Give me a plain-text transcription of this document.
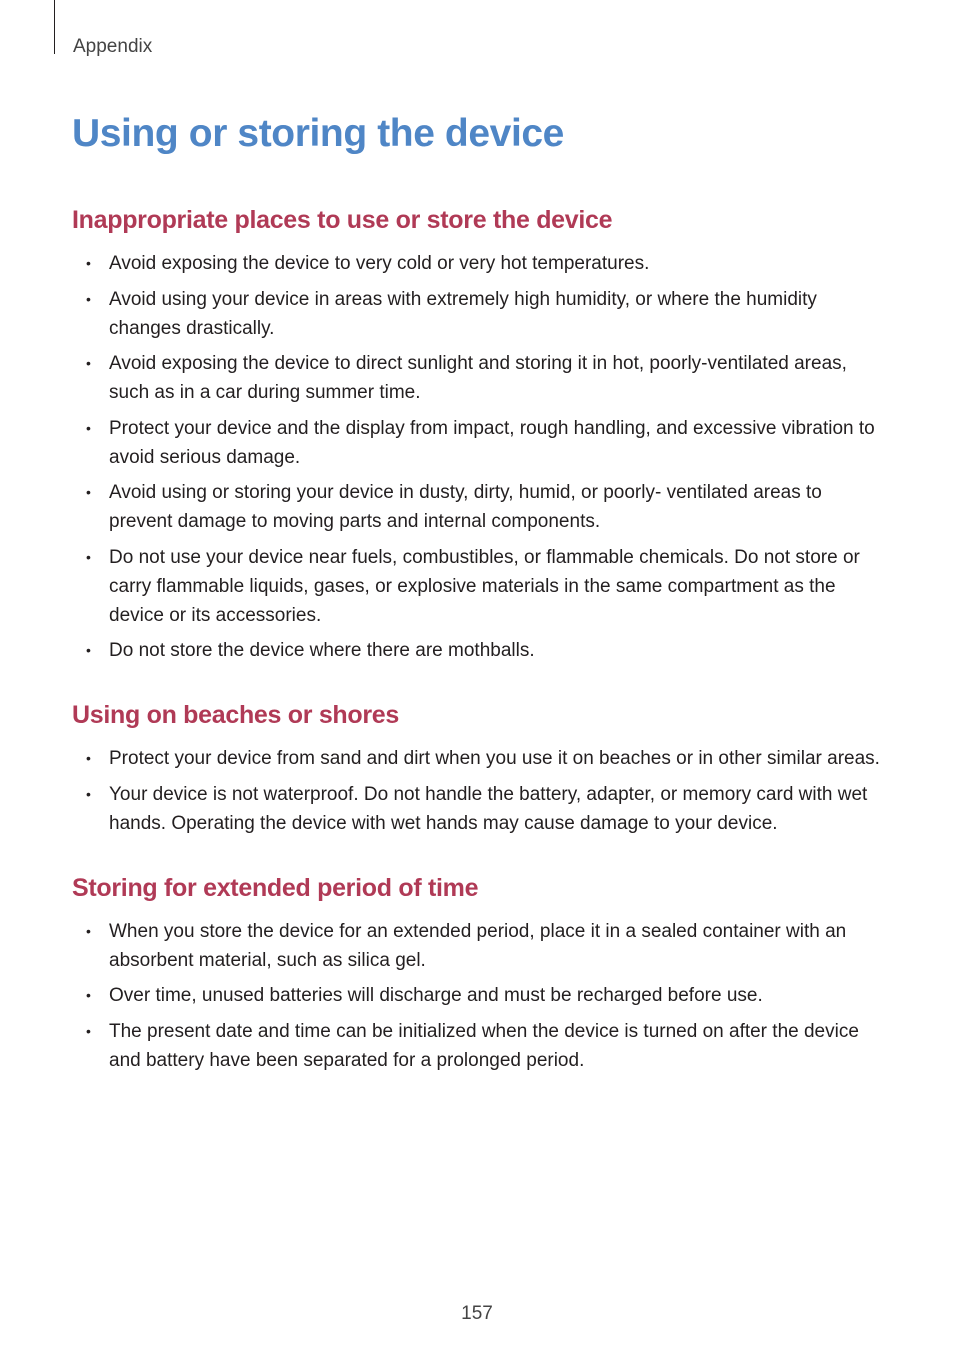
Appendix
Using or storing the device
Inappropriate places to use or store the device
• Avoid exposing the device to very cold or very hot temperatures.
• Avoid using your device in areas with extremely high humidity, or where the humidity changes drastically.
• Avoid exposing the device to direct sunlight and storing it in hot, poorly-ventilated areas, such as in a car during summer time.
• Protect your device and the display from impact, rough handling, and excessive vibration to avoid serious damage.
• Avoid using or storing your device in dusty, dirty, humid, or poorly- ventilated areas to prevent damage to moving parts and internal components.
• Do not use your device near fuels, combustibles, or flammable chemicals. Do not store or carry flammable liquids, gases, or explosive materials in the same compartment as the device or its accessories.
• Do not store the device where there are mothballs.
Using on beaches or shores
• Protect your device from sand and dirt when you use it on beaches or in other similar areas.
• Your device is not waterproof. Do not handle the battery, adapter, or memory card with wet hands. Operating the device with wet hands may cause damage to your device.
Storing for extended period of time
• When you store the device for an extended period, place it in a sealed container with an absorbent material, such as silica gel.
• Over time, unused batteries will discharge and must be recharged before use.
• The present date and time can be initialized when the device is turned on after the device and battery have been separated for a prolonged period.
157
